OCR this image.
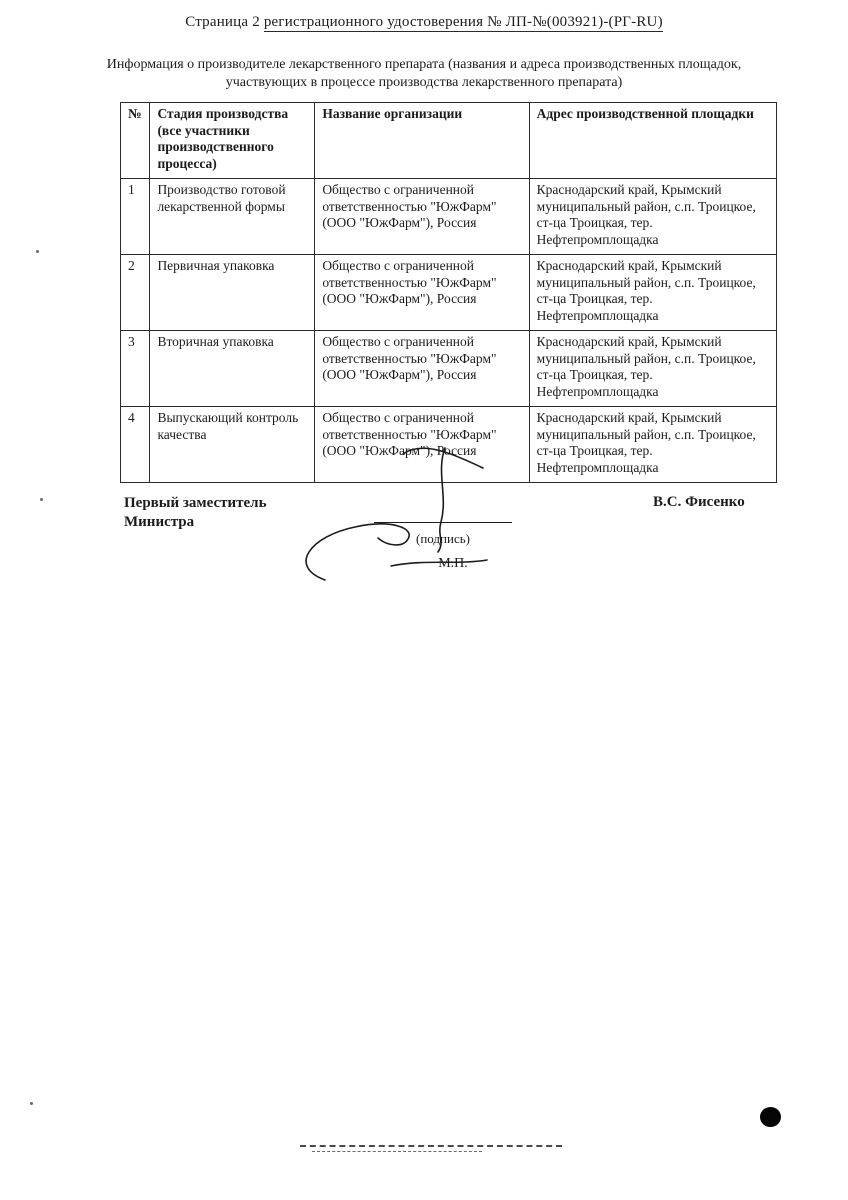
Страница 2 регистрационного удостоверения № ЛП-№(003921)-(РГ-RU)
Информация о производителе лекарственного препарата (названия и адреса производственных площадок, участвующих в процессе производства лекарственного препарата)
№	Стадия производства (все участники производственного процесса)	Название организации	Адрес производственной площадки
1	Производство готовой лекарственной формы	Общество с ограниченной ответственностью "ЮжФарм" (ООО "ЮжФарм"), Россия	Краснодарский край, Крымский муниципальный район, с.п. Троицкое, ст-ца Троицкая, тер. Нефтепромплощадка
2	Первичная упаковка	Общество с ограниченной ответственностью "ЮжФарм" (ООО "ЮжФарм"), Россия	Краснодарский край, Крымский муниципальный район, с.п. Троицкое, ст-ца Троицкая, тер. Нефтепромплощадка
3	Вторичная упаковка	Общество с ограниченной ответственностью "ЮжФарм" (ООО "ЮжФарм"), Россия	Краснодарский край, Крымский муниципальный район, с.п. Троицкое, ст-ца Троицкая, тер. Нефтепромплощадка
4	Выпускающий контроль качества	Общество с ограниченной ответственностью "ЮжФарм" (ООО "ЮжФарм"), Россия	Краснодарский край, Крымский муниципальный район, с.п. Троицкое, ст-ца Троицкая, тер. Нефтепромплощадка
Первый заместитель
Министра
(подпись)
М.П.
В.С. Фисенко
